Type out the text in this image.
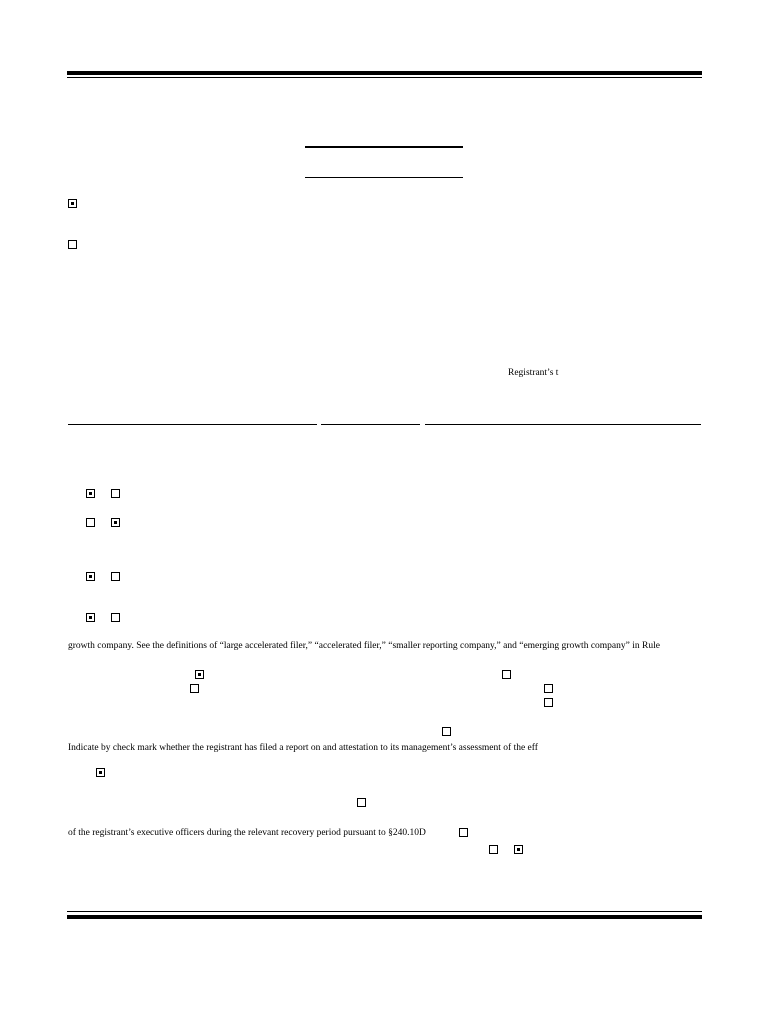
Registrant’s t
growth company. See the definitions of “large accelerated filer,” “accelerated filer,” “smaller reporting company,” and “emerging growth company” in Rule
Indicate by check mark whether the registrant has filed a report on and attestation to its management’s assessment of the eff
of the registrant’s executive officers during the relevant recovery period pursuant to §240.10D
